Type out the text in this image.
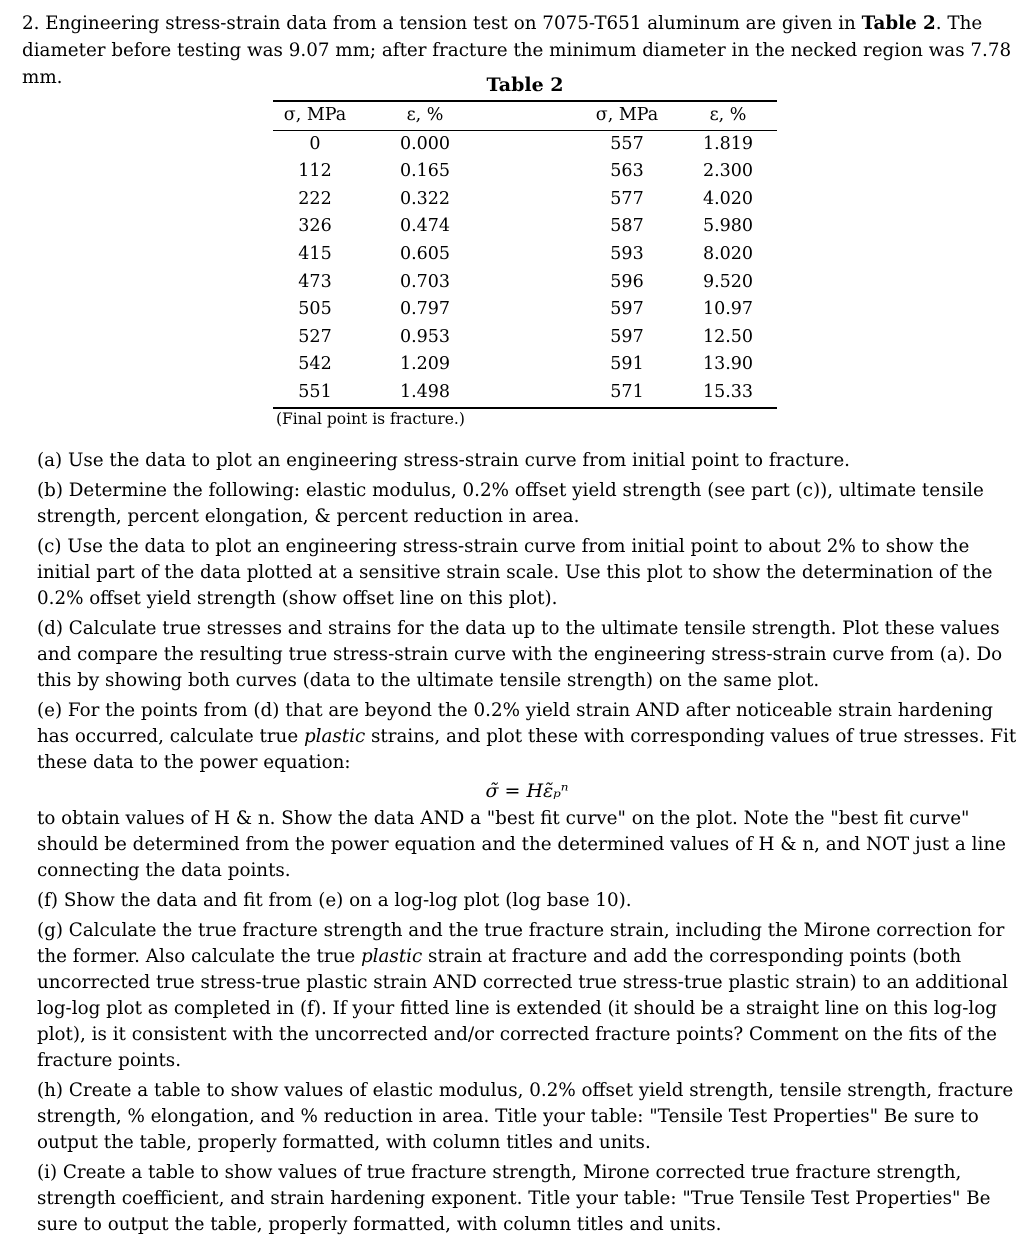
2. Engineering stress-strain data from a tension test on 7075-T651 aluminum are given in Table 2. The diameter before testing was 9.07 mm; after fracture the minimum diameter in the necked region was 7.78 mm.	Table 2
σ, MPa	ε, %		σ, MPa	ε, %
0	0.000		557	1.819
112	0.165		563	2.300
222	0.322		577	4.020
326	0.474		587	5.980
415	0.605		593	8.020
473	0.703		596	9.520
505	0.797		597	10.97
527	0.953		597	12.50
542	1.209		591	13.90
551	1.498		571	15.33
(Final point is fracture.)

(a) Use the data to plot an engineering stress-strain curve from initial point to fracture.

(b) Determine the following: elastic modulus, 0.2% offset yield strength (see part (c)), ultimate tensile strength, percent elongation, & percent reduction in area.

(c) Use the data to plot an engineering stress-strain curve from initial point to about 2% to show the initial part of the data plotted at a sensitive strain scale. Use this plot to show the determination of the 0.2% offset yield strength (show offset line on this plot).

(d) Calculate true stresses and strains for the data up to the ultimate tensile strength. Plot these values and compare the resulting true stress-strain curve with the engineering stress-strain curve from (a). Do this by showing both curves (data to the ultimate tensile strength) on the same plot.

(e) For the points from (d) that are beyond the 0.2% yield strain AND after noticeable strain hardening has occurred, calculate true plastic strains, and plot these with corresponding values of true stresses. Fit these data to the power equation:

σ̃ = Hε̃ₚⁿ

to obtain values of H & n. Show the data AND a "best fit curve" on the plot. Note the "best fit curve" should be determined from the power equation and the determined values of H & n, and NOT just a line connecting the data points.

(f) Show the data and fit from (e) on a log-log plot (log base 10).

(g) Calculate the true fracture strength and the true fracture strain, including the Mirone correction for the former. Also calculate the true plastic strain at fracture and add the corresponding points (both uncorrected true stress-true plastic strain AND corrected true stress-true plastic strain) to an additional log-log plot as completed in (f). If your fitted line is extended (it should be a straight line on this log-log plot), is it consistent with the uncorrected and/or corrected fracture points? Comment on the fits of the fracture points.

(h) Create a table to show values of elastic modulus, 0.2% offset yield strength, tensile strength, fracture strength, % elongation, and % reduction in area. Title your table: "Tensile Test Properties" Be sure to output the table, properly formatted, with column titles and units.

(i) Create a table to show values of true fracture strength, Mirone corrected true fracture strength, strength coefficient, and strain hardening exponent. Title your table: "True Tensile Test Properties" Be sure to output the table, properly formatted, with column titles and units.
